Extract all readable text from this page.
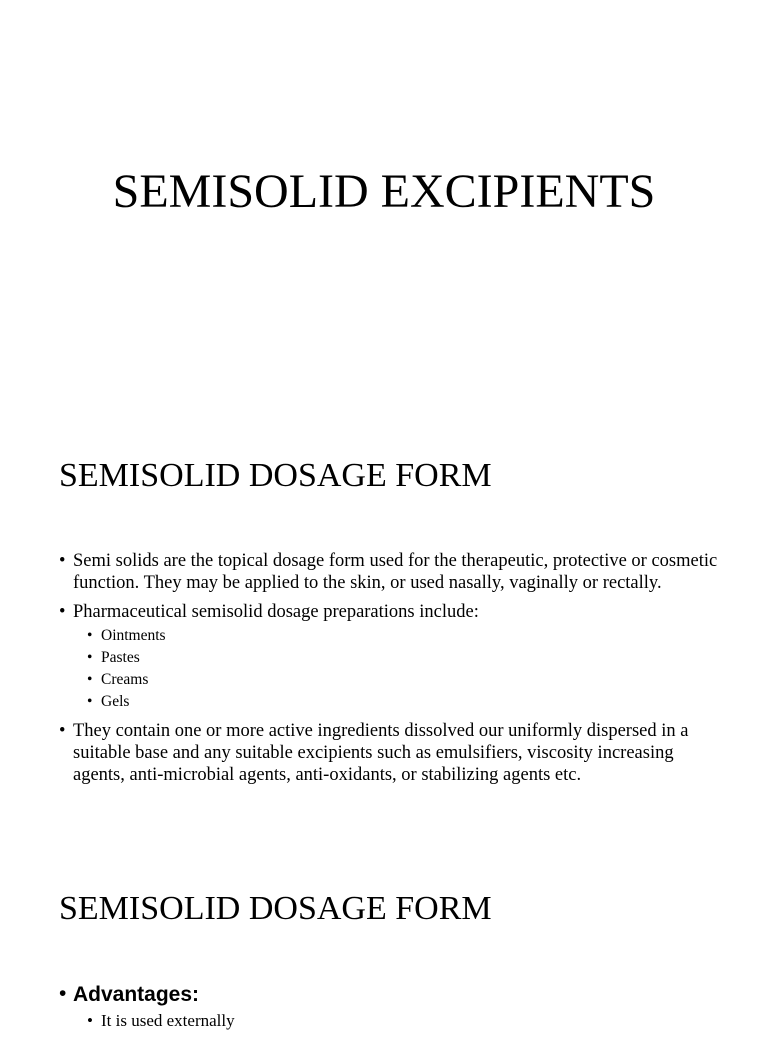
SEMISOLID EXCIPIENTS
SEMISOLID DOSAGE FORM
• Semi solids are the topical dosage form used for the therapeutic, protective or cosmetic function. They may be applied to the skin, or used nasally, vaginally or rectally.
• Pharmaceutical semisolid dosage preparations include:
• Ointments
• Pastes
• Creams
• Gels
• They contain one or more active ingredients dissolved our uniformly dispersed in a suitable base and any suitable excipients such as emulsifiers, viscosity increasing agents, anti-microbial agents, anti-oxidants, or stabilizing agents etc.
SEMISOLID DOSAGE FORM
• Advantages:
• It is used externally
